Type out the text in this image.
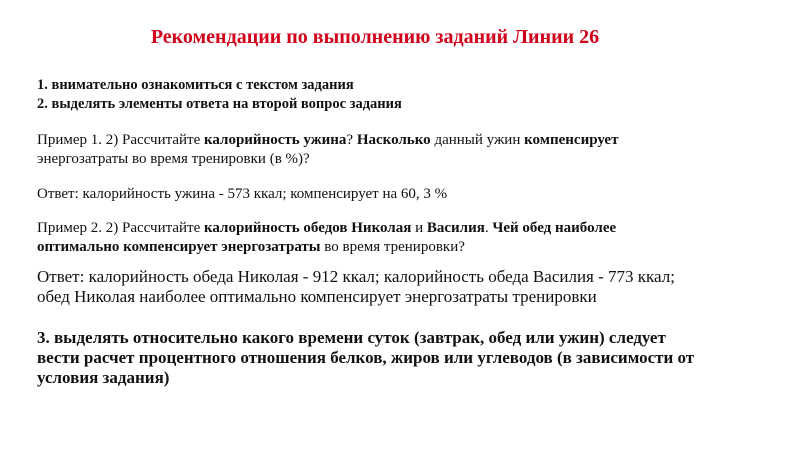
Рекомендации по выполнению заданий Линии 26
1. внимательно ознакомиться с текстом задания
2. выделять элементы ответа на второй вопрос задания
Пример 1. 2) Рассчитайте калорийность ужина? Насколько данный ужин компенсирует
энергозатраты во время тренировки (в %)?
Ответ: калорийность ужина - 573 ккал; компенсирует на 60, 3 %
Пример 2. 2) Рассчитайте калорийность обедов Николая и Василия. Чей обед наиболее
оптимально компенсирует энергозатраты во время тренировки?
Ответ: калорийность обеда Николая - 912 ккал; калорийность обеда Василия - 773 ккал;
обед Николая наиболее оптимально компенсирует энергозатраты тренировки
3. выделять относительно какого времени суток (завтрак, обед или ужин) следует
вести расчет процентного отношения белков, жиров или углеводов (в зависимости от
условия задания)
